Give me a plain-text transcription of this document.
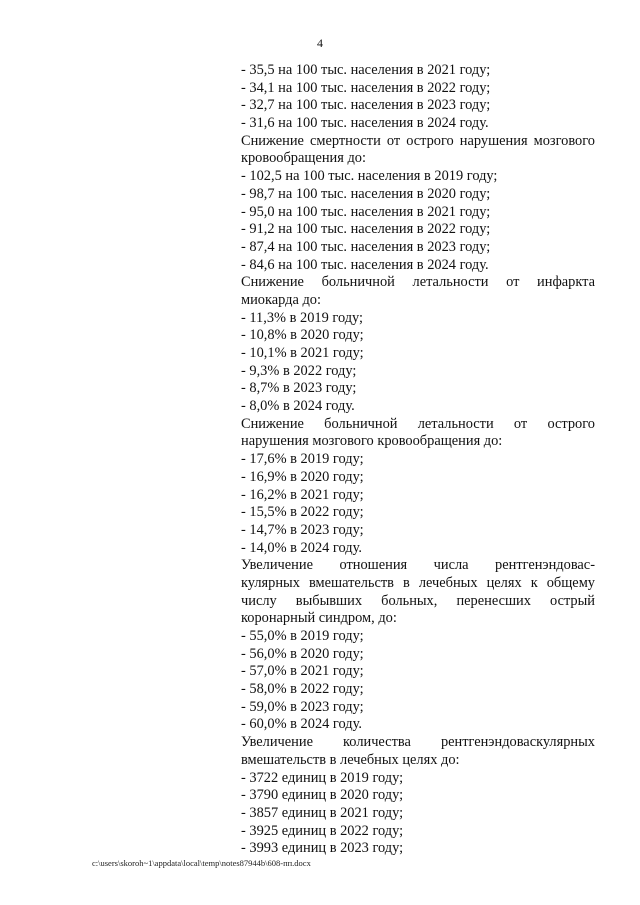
4
- 35,5 на 100 тыс. населения в 2021 году;
- 34,1 на 100 тыс. населения в 2022 году;
- 32,7 на 100 тыс. населения в 2023 году;
- 31,6 на 100 тыс. населения в 2024 году.
Снижение смертности от острого нарушения мозгового
кровообращения до:
- 102,5 на 100 тыс. населения в 2019 году;
- 98,7 на 100 тыс. населения в 2020 году;
- 95,0 на 100 тыс. населения в 2021 году;
- 91,2 на 100 тыс. населения в 2022 году;
- 87,4 на 100 тыс. населения в 2023 году;
- 84,6 на 100 тыс. населения в 2024 году.
Снижение больничной летальности от инфаркта
миокарда до:
- 11,3% в 2019 году;
- 10,8% в 2020 году;
- 10,1% в 2021 году;
- 9,3% в 2022 году;
- 8,7% в 2023 году;
- 8,0% в 2024 году.
Снижение больничной летальности от острого
нарушения мозгового кровообращения до:
- 17,6% в 2019 году;
- 16,9% в 2020 году;
- 16,2% в 2021 году;
- 15,5% в 2022 году;
- 14,7% в 2023 году;
- 14,0% в 2024 году.
Увеличение отношения числа рентгенэндовас-
кулярных вмешательств в лечебных целях к общему
числу выбывших больных, перенесших острый
коронарный синдром, до:
- 55,0% в 2019 году;
- 56,0% в 2020 году;
- 57,0% в 2021 году;
- 58,0% в 2022 году;
- 59,0% в 2023 году;
- 60,0% в 2024 году.
Увеличение количества рентгенэндоваскулярных
вмешательств в лечебных целях до:
- 3722 единиц в 2019 году;
- 3790 единиц в 2020 году;
- 3857 единиц в 2021 году;
- 3925 единиц в 2022 году;
- 3993 единиц в 2023 году;
c:\users\skoroh~1\appdata\local\temp\notes87944b\608-пп.docx
